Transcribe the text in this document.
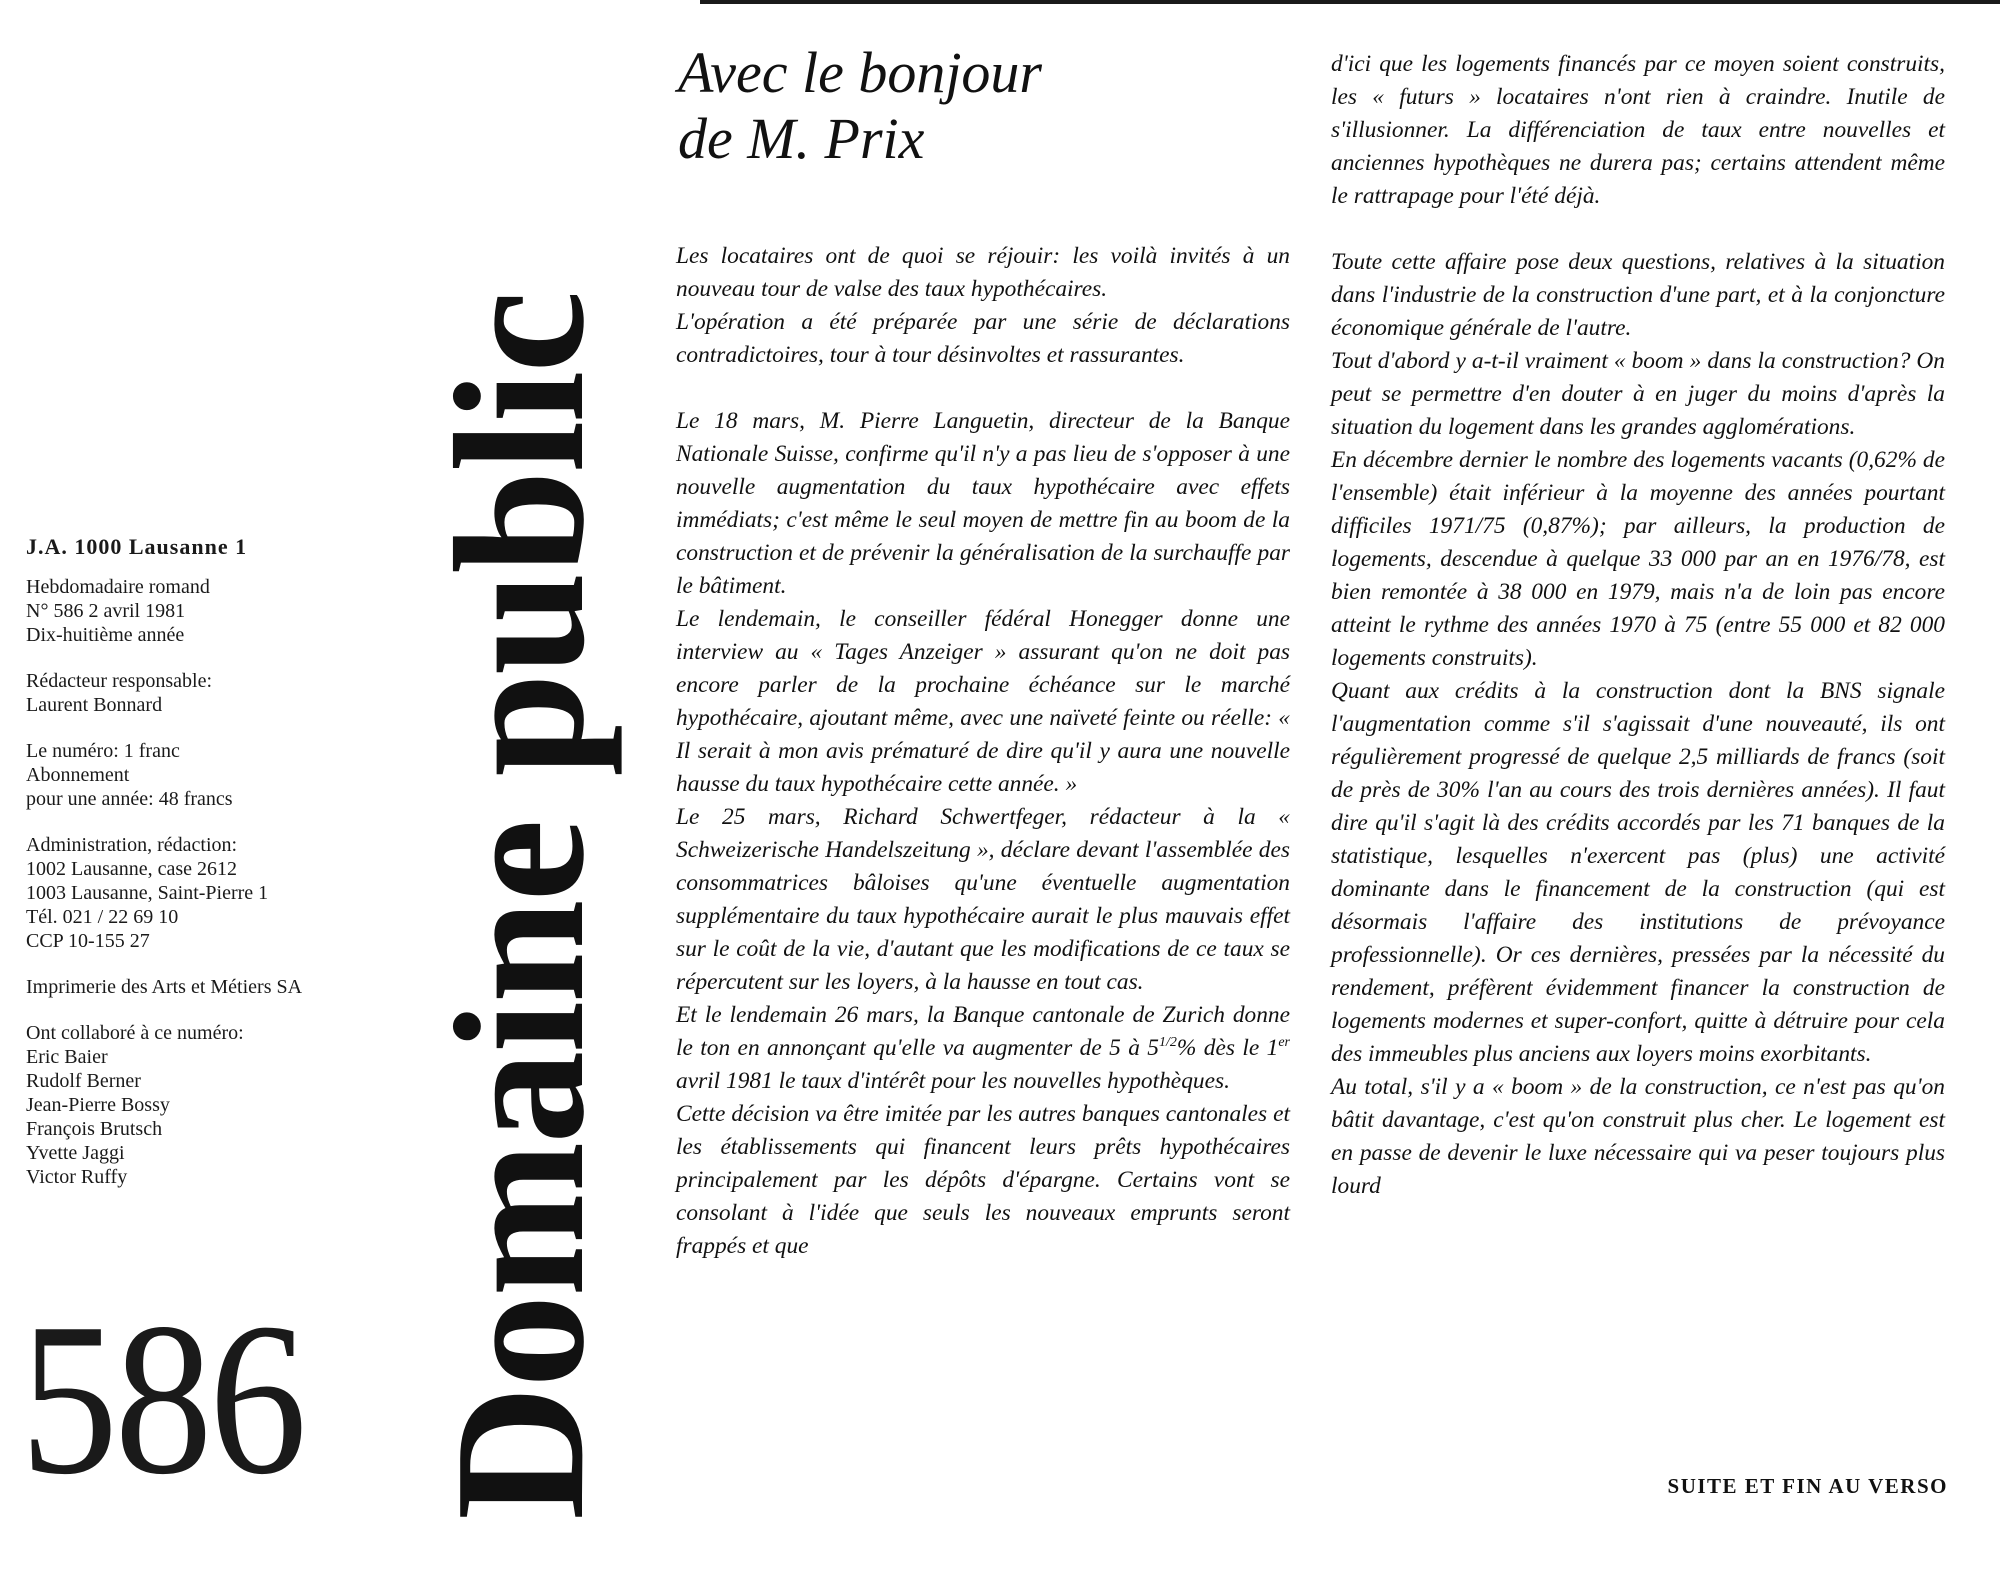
J.A. 1000 Lausanne 1
Hebdomadaire romand
N° 586 2 avril 1981
Dix-huitième année
Rédacteur responsable:
Laurent Bonnard
Le numéro: 1 franc
Abonnement
pour une année: 48 francs
Administration, rédaction:
1002 Lausanne, case 2612
1003 Lausanne, Saint-Pierre 1
Tél. 021 / 22 69 10
CCP 10-155 27
Imprimerie des Arts et Métiers SA
Ont collaboré à ce numéro:
Eric Baier
Rudolf Berner
Jean-Pierre Bossy
François Brutsch
Yvette Jaggi
Victor Ruffy
586 Domaine public
Avec le bonjour
de M. Prix

Les locataires ont de quoi se réjouir: les voilà invités à un nouveau tour de valse des taux hypothécaires.

L'opération a été préparée par une série de déclarations contradictoires, tour à tour désinvoltes et rassurantes.

Le 18 mars, M. Pierre Languetin, directeur de la Banque Nationale Suisse, confirme qu'il n'y a pas lieu de s'opposer à une nouvelle augmentation du taux hypothécaire avec effets immédiats; c'est même le seul moyen de mettre fin au boom de la construction et de prévenir la généralisation de la surchauffe par le bâtiment.

Le lendemain, le conseiller fédéral Honegger donne une interview au « Tages Anzeiger » assurant qu'on ne doit pas encore parler de la prochaine échéance sur le marché hypothécaire, ajoutant même, avec une naïveté feinte ou réelle: « Il serait à mon avis prématuré de dire qu'il y aura une nouvelle hausse du taux hypothécaire cette année. »

Le 25 mars, Richard Schwertfeger, rédacteur à la « Schweizerische Handelszeitung », déclare devant l'assemblée des consommatrices bâloises qu'une éventuelle augmentation supplémentaire du taux hypothécaire aurait le plus mauvais effet sur le coût de la vie, d'autant que les modifications de ce taux se répercutent sur les loyers, à la hausse en tout cas.

Et le lendemain 26 mars, la Banque cantonale de Zurich donne le ton en annonçant qu'elle va augmenter de 5 à $5^{1/2}\%$ dès le 1er avril 1981 le taux d'intérêt pour les nouvelles hypothèques.

Cette décision va être imitée par les autres banques cantonales et les établissements qui financent leurs prêts hypothécaires principalement par les dépôts d'épargne. Certains vont se consolant à l'idée que seuls les nouveaux emprunts seront frappés et que

d'ici que les logements financés par ce moyen soient construits, les « futurs » locataires n'ont rien à craindre. Inutile de s'illusionner. La différenciation de taux entre nouvelles et anciennes hypothèques ne durera pas; certains attendent même le rattrapage pour l'été déjà.

Toute cette affaire pose deux questions, relatives à la situation dans l'industrie de la construction d'une part, et à la conjoncture économique générale de l'autre.

Tout d'abord y a-t-il vraiment « boom » dans la construction? On peut se permettre d'en douter à en juger du moins d'après la situation du logement dans les grandes agglomérations.

En décembre dernier le nombre des logements vacants (0,62% de l'ensemble) était inférieur à la moyenne des années pourtant difficiles 1971/75 (0,87%); par ailleurs, la production de logements, descendue à quelque 33 000 par an en 1976/78, est bien remontée à 38 000 en 1979, mais n'a de loin pas encore atteint le rythme des années 1970 à 75 (entre 55 000 et 82 000 logements construits).

Quant aux crédits à la construction dont la BNS signale l'augmentation comme s'il s'agissait d'une nouveauté, ils ont régulièrement progressé de quelque 2,5 milliards de francs (soit de près de 30% l'an au cours des trois dernières années). Il faut dire qu'il s'agit là des crédits accordés par les 71 banques de la statistique, lesquelles n'exercent pas (plus) une activité dominante dans le financement de la construction (qui est désormais l'affaire des institutions de prévoyance professionnelle). Or ces dernières, pressées par la nécessité du rendement, préfèrent évidemment financer la construction de logements modernes et super-confort, quitte à détruire pour cela des immeubles plus anciens aux loyers moins exorbitants.

Au total, s'il y a « boom » de la construction, ce n'est pas qu'on bâtit davantage, c'est qu'on construit plus cher. Le logement est en passe de devenir le luxe nécessaire qui va peser toujours plus lourd

SUITE ET FIN AU VERSO
